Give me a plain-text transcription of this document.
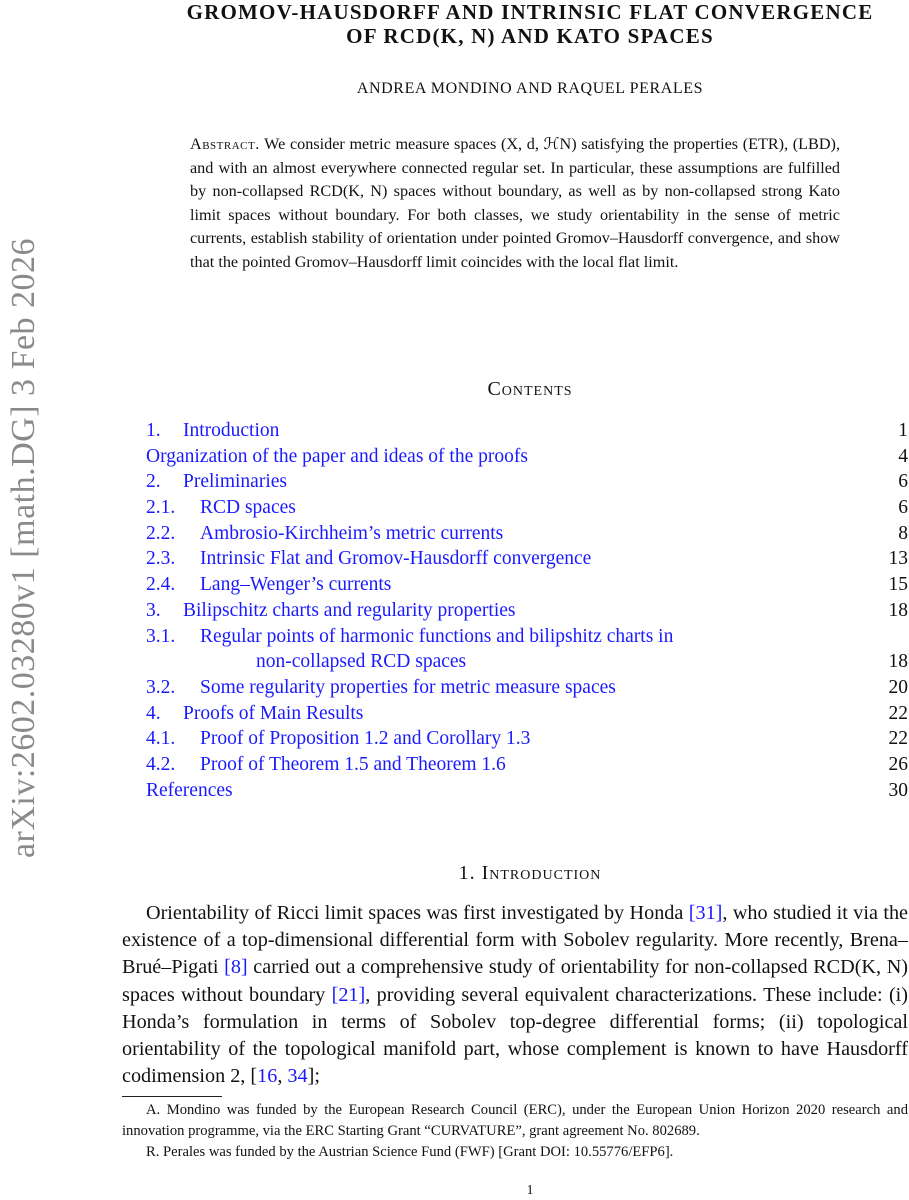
arXiv:2602.03280v1 [math.DG] 3 Feb 2026
GROMOV-HAUSDORFF AND INTRINSIC FLAT CONVERGENCE
OF RCD(K, N) AND KATO SPACES
ANDREA MONDINO AND RAQUEL PERALES
Abstract. We consider metric measure spaces (X, d, ℋN) satisfying the properties (ETR), (LBD), and with an almost everywhere connected regular set. In particular, these assumptions are fulfilled by non-collapsed RCD(K, N) spaces without boundary, as well as by non-collapsed strong Kato limit spaces without boundary. For both classes, we study orientability in the sense of metric currents, establish stability of orientation under pointed Gromov–Hausdorff convergence, and show that the pointed Gromov–Hausdorff limit coincides with the local flat limit.
Contents
1. Introduction	1
Organization of the paper and ideas of the proofs	4
2. Preliminaries	6
2.1. RCD spaces	6
2.2. Ambrosio-Kirchheim’s metric currents	8
2.3. Intrinsic Flat and Gromov-Hausdorff convergence	13
2.4. Lang–Wenger’s currents	15
3. Bilipschitz charts and regularity properties	18
3.1. Regular points of harmonic functions and bilipshitz charts in
non-collapsed RCD spaces	18
3.2. Some regularity properties for metric measure spaces	20
4. Proofs of Main Results	22
4.1. Proof of Proposition 1.2 and Corollary 1.3	22
4.2. Proof of Theorem 1.5 and Theorem 1.6	26
References	30
1. Introduction
Orientability of Ricci limit spaces was first investigated by Honda [31], who studied it via the existence of a top-dimensional differential form with Sobolev regularity. More recently, Brena–Brué–Pigati [8] carried out a comprehensive study of orientability for non-collapsed RCD(K, N) spaces without boundary [21], providing several equivalent characterizations. These include: (i) Honda’s formulation in terms of Sobolev top-degree differential forms; (ii) topological orientability of the topological manifold part, whose complement is known to have Hausdorff codimension 2, [16, 34];

A. Mondino was funded by the European Research Council (ERC), under the European Union Horizon 2020 research and innovation programme, via the ERC Starting Grant “CURVATURE”, grant agreement No. 802689.

R. Perales was funded by the Austrian Science Fund (FWF) [Grant DOI: 10.55776/EFP6].

1
